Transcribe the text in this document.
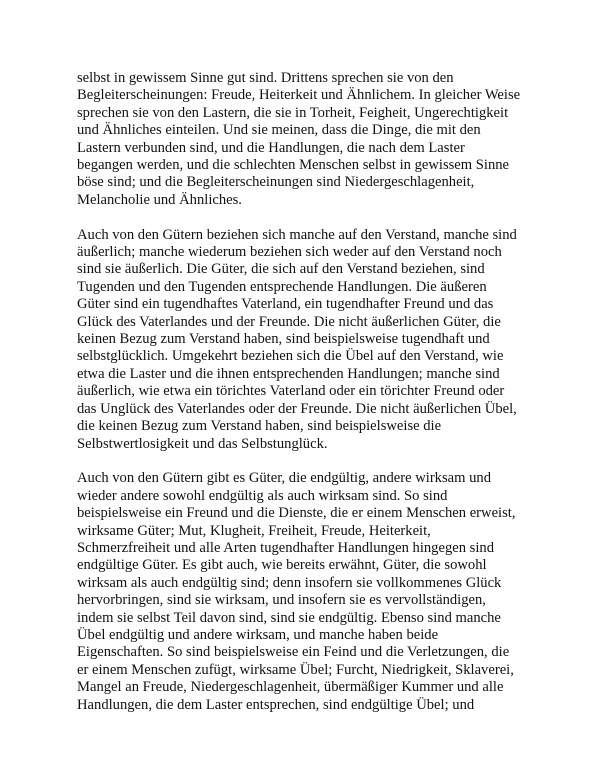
selbst in gewissem Sinne gut sind. Drittens sprechen sie von den
Begleiterscheinungen: Freude, Heiterkeit und Ähnlichem. In gleicher Weise
sprechen sie von den Lastern, die sie in Torheit, Feigheit, Ungerechtigkeit
und Ähnliches einteilen. Und sie meinen, dass die Dinge, die mit den
Lastern verbunden sind, und die Handlungen, die nach dem Laster
begangen werden, und die schlechten Menschen selbst in gewissem Sinne
böse sind; und die Begleiterscheinungen sind Niedergeschlagenheit,
Melancholie und Ähnliches.

Auch von den Gütern beziehen sich manche auf den Verstand, manche sind
äußerlich; manche wiederum beziehen sich weder auf den Verstand noch
sind sie äußerlich. Die Güter, die sich auf den Verstand beziehen, sind
Tugenden und den Tugenden entsprechende Handlungen. Die äußeren
Güter sind ein tugendhaftes Vaterland, ein tugendhafter Freund und das
Glück des Vaterlandes und der Freunde. Die nicht äußerlichen Güter, die
keinen Bezug zum Verstand haben, sind beispielsweise tugendhaft und
selbstglücklich. Umgekehrt beziehen sich die Übel auf den Verstand, wie
etwa die Laster und die ihnen entsprechenden Handlungen; manche sind
äußerlich, wie etwa ein törichtes Vaterland oder ein törichter Freund oder
das Unglück des Vaterlandes oder der Freunde. Die nicht äußerlichen Übel,
die keinen Bezug zum Verstand haben, sind beispielsweise die
Selbstwertlosigkeit und das Selbstunglück.

Auch von den Gütern gibt es Güter, die endgültig, andere wirksam und
wieder andere sowohl endgültig als auch wirksam sind. So sind
beispielsweise ein Freund und die Dienste, die er einem Menschen erweist,
wirksame Güter; Mut, Klugheit, Freiheit, Freude, Heiterkeit,
Schmerzfreiheit und alle Arten tugendhafter Handlungen hingegen sind
endgültige Güter. Es gibt auch, wie bereits erwähnt, Güter, die sowohl
wirksam als auch endgültig sind; denn insofern sie vollkommenes Glück
hervorbringen, sind sie wirksam, und insofern sie es vervollständigen,
indem sie selbst Teil davon sind, sind sie endgültig. Ebenso sind manche
Übel endgültig und andere wirksam, und manche haben beide
Eigenschaften. So sind beispielsweise ein Feind und die Verletzungen, die
er einem Menschen zufügt, wirksame Übel; Furcht, Niedrigkeit, Sklaverei,
Mangel an Freude, Niedergeschlagenheit, übermäßiger Kummer und alle
Handlungen, die dem Laster entsprechen, sind endgültige Übel; und
